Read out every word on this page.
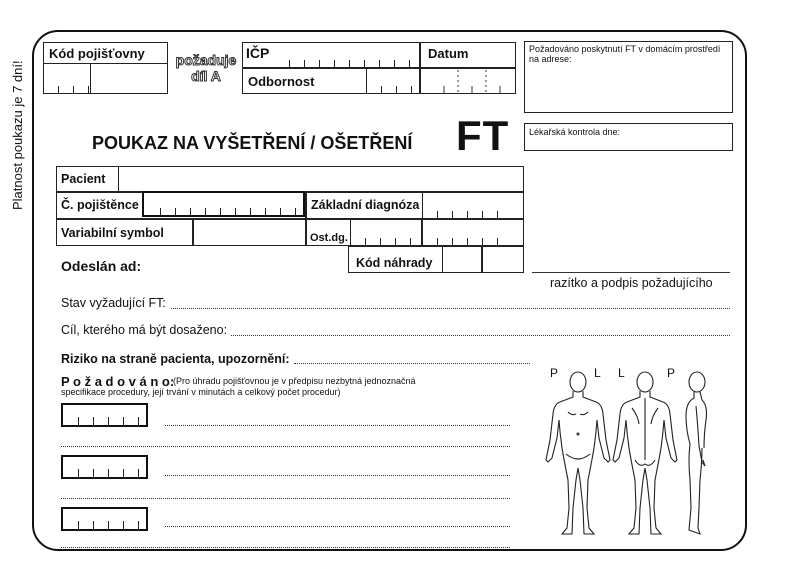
Platnost poukazu je 7 dní!
Kód pojišťovny	požaduje
díl A
IČP	Datum
Odbornost
Požadováno poskytnutí FT v domácím prostředí na adrese:
Lékařská kontrola dne:
POUKAZ NA VYŠETŘENÍ / OŠETŘENÍ FT
Pacient
Č. pojištěnce	Základní diagnóza
Variabilní symbol	Ost.dg.
Odeslán ad:	Kód náhrady
razítko a podpis požadujícího
Stav vyžadující FT:
Cíl, kterého má být dosaženo:
Riziko na straně pacienta, upozornění:
P o ž a d o v á n o:
(Pro úhradu pojišťovnou je v předpisu nezbytná jednoznačná specifikace procedury, její trvání v minutách a celkový počet procedur)
P	L L	P
